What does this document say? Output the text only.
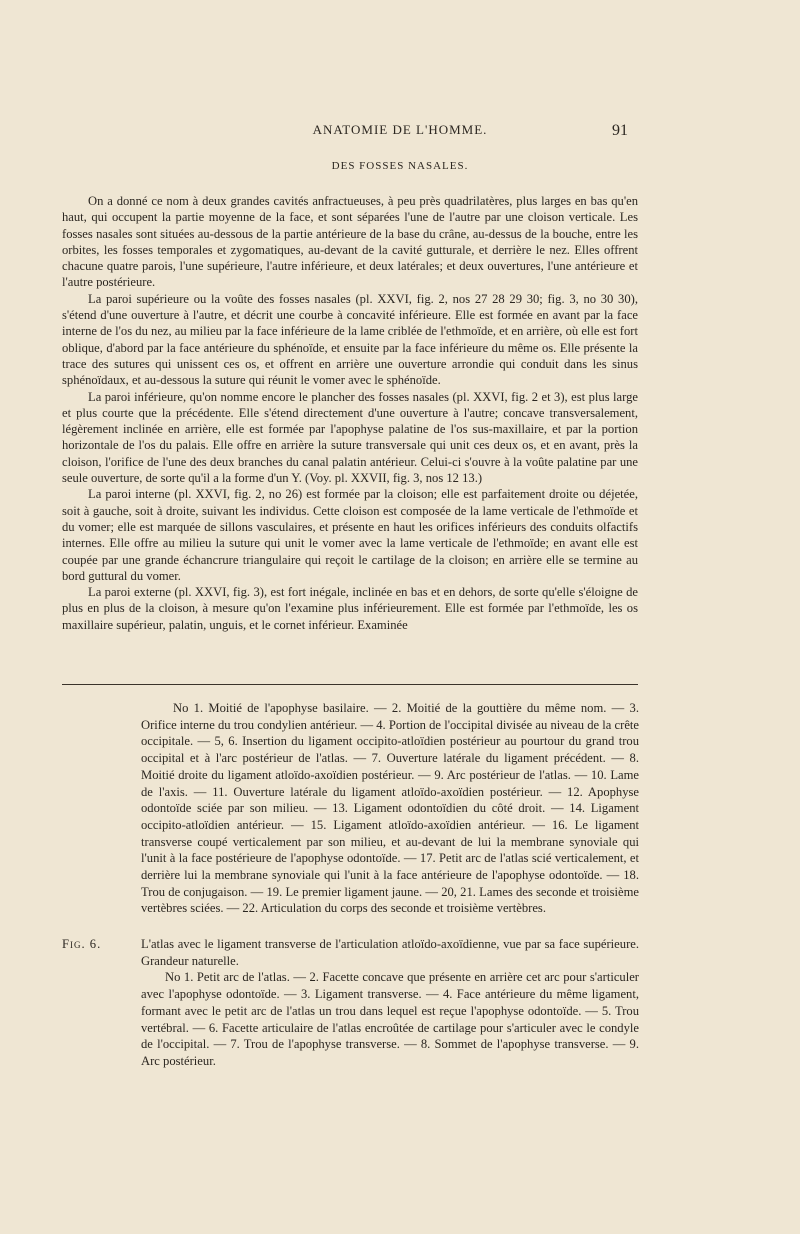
ANATOMIE DE L'HOMME.	91
DES FOSSES NASALES.

On a donné ce nom à deux grandes cavités anfractueuses, à peu près quadrilatères, plus larges en bas qu'en haut, qui occupent la partie moyenne de la face, et sont séparées l'une de l'autre par une cloison verticale. Les fosses nasales sont situées au-dessous de la partie antérieure de la base du crâne, au-dessus de la bouche, entre les orbites, les fosses temporales et zygomatiques, au-devant de la cavité gutturale, et derrière le nez. Elles offrent chacune quatre parois, l'une supérieure, l'autre inférieure, et deux latérales; et deux ouvertures, l'une antérieure et l'autre postérieure.

La paroi supérieure ou la voûte des fosses nasales (pl. XXVI, fig. 2, nos 27 28 29 30; fig. 3, no 30 30), s'étend d'une ouverture à l'autre, et décrit une courbe à concavité inférieure. Elle est formée en avant par la face interne de l'os du nez, au milieu par la face inférieure de la lame criblée de l'ethmoïde, et en arrière, où elle est fort oblique, d'abord par la face antérieure du sphénoïde, et ensuite par la face inférieure du même os. Elle présente la trace des sutures qui unissent ces os, et offrent en arrière une ouverture arrondie qui conduit dans les sinus sphénoïdaux, et au-dessous la suture qui réunit le vomer avec le sphénoïde.

La paroi inférieure, qu'on nomme encore le plancher des fosses nasales (pl. XXVI, fig. 2 et 3), est plus large et plus courte que la précédente. Elle s'étend directement d'une ouverture à l'autre; concave transversalement, légèrement inclinée en arrière, elle est formée par l'apophyse palatine de l'os sus-maxillaire, et par la portion horizontale de l'os du palais. Elle offre en arrière la suture transversale qui unit ces deux os, et en avant, près la cloison, l'orifice de l'une des deux branches du canal palatin antérieur. Celui-ci s'ouvre à la voûte palatine par une seule ouverture, de sorte qu'il a la forme d'un Y. (Voy. pl. XXVII, fig. 3, nos 12 13.)

La paroi interne (pl. XXVI, fig. 2, no 26) est formée par la cloison; elle est parfaitement droite ou déjetée, soit à gauche, soit à droite, suivant les individus. Cette cloison est composée de la lame verticale de l'ethmoïde et du vomer; elle est marquée de sillons vasculaires, et présente en haut les orifices inférieurs des conduits olfactifs internes. Elle offre au milieu la suture qui unit le vomer avec la lame verticale de l'ethmoïde; en avant elle est coupée par une grande échancrure triangulaire qui reçoit le cartilage de la cloison; en arrière elle se termine au bord guttural du vomer.

La paroi externe (pl. XXVI, fig. 3), est fort inégale, inclinée en bas et en dehors, de sorte qu'elle s'éloigne de plus en plus de la cloison, à mesure qu'on l'examine plus inférieurement. Elle est formée par l'ethmoïde, les os maxillaire supérieur, palatin, unguis, et le cornet inférieur. Examinée

No 1. Moitié de l'apophyse basilaire. — 2. Moitié de la gouttière du même nom. — 3. Orifice interne du trou condylien antérieur. — 4. Portion de l'occipital divisée au niveau de la crête occipitale. — 5, 6. Insertion du ligament occipito-atloïdien postérieur au pourtour du grand trou occipital et à l'arc postérieur de l'atlas. — 7. Ouverture latérale du ligament précédent. — 8. Moitié droite du ligament atloïdo-axoïdien postérieur. — 9. Arc postérieur de l'atlas. — 10. Lame de l'axis. — 11. Ouverture latérale du ligament atloïdo-axoïdien postérieur. — 12. Apophyse odontoïde sciée par son milieu. — 13. Ligament odontoïdien du côté droit. — 14. Ligament occipito-atloïdien antérieur. — 15. Ligament atloïdo-axoïdien antérieur. — 16. Le ligament transverse coupé verticalement par son milieu, et au-devant de lui la membrane synoviale qui l'unit à la face postérieure de l'apophyse odontoïde. — 17. Petit arc de l'atlas scié verticalement, et derrière lui la membrane synoviale qui l'unit à la face antérieure de l'apophyse odontoïde. — 18. Trou de conjugaison. — 19. Le premier ligament jaune. — 20, 21. Lames des seconde et troisième vertèbres sciées. — 22. Articulation du corps des seconde et troisième vertèbres.

Fig. 6.	L'atlas avec le ligament transverse de l'articulation atloïdo-axoïdienne, vue par sa face supérieure. Grandeur naturelle.

No 1. Petit arc de l'atlas. — 2. Facette concave que présente en arrière cet arc pour s'articuler avec l'apophyse odontoïde. — 3. Ligament transverse. — 4. Face antérieure du même ligament, formant avec le petit arc de l'atlas un trou dans lequel est reçue l'apophyse odontoïde. — 5. Trou vertébral. — 6. Facette articulaire de l'atlas encroûtée de cartilage pour s'articuler avec le condyle de l'occipital. — 7. Trou de l'apophyse transverse. — 8. Sommet de l'apophyse transverse. — 9. Arc postérieur.
